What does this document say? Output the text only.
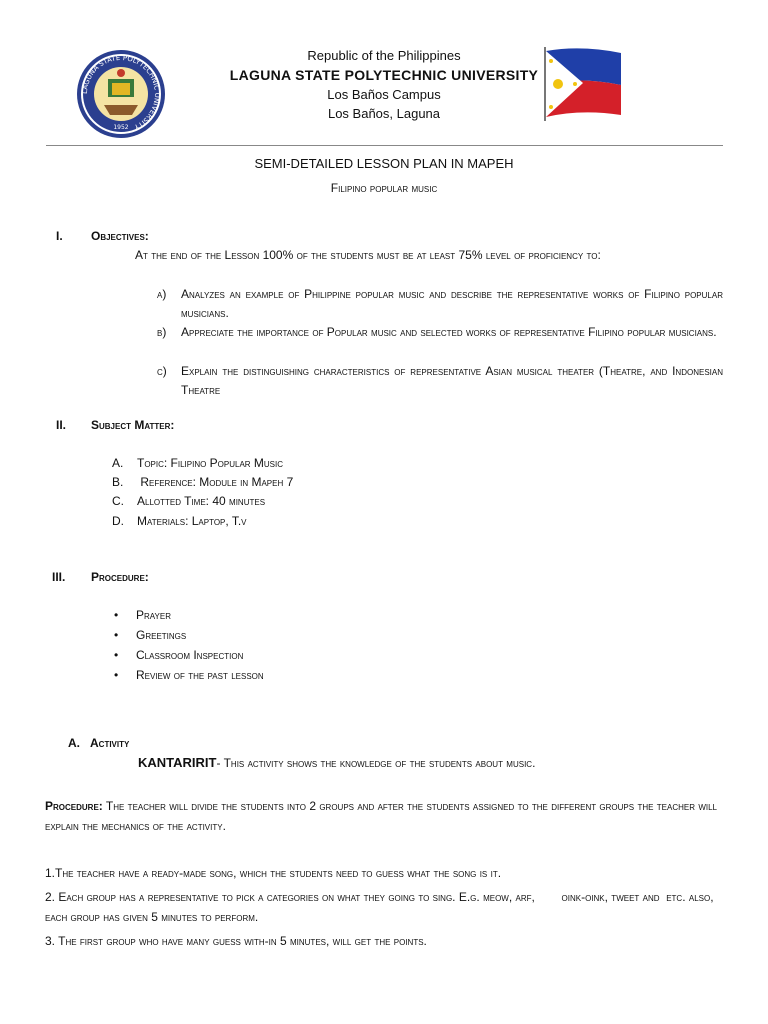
LAGUNA STATE POLYTECHNIC UNIVERSITY
1952
Republic of the Philippines
LAGUNA STATE POLYTECHNIC UNIVERSITY
Los Baños Campus
Los Baños, Laguna
SEMI-DETAILED LESSON PLAN IN MAPEH
Filipino popular music
I.	Objectives:
At the end of the Lesson 100% of the students must be at least 75% level of proficiency to:
a) Analyzes an example of Philippine popular music and describe the representative works of Filipino popular musicians.
b) Appreciate the importance of Popular music and selected works of representative Filipino popular musicians.
c) Explain the distinguishing characteristics of representative Asian musical theater (Theatre, and Indonesian Theatre
II.	Subject Matter:
A. Topic: Filipino Popular Music
B. Reference: Module in Mapeh 7
C. Allotted Time: 40 minutes
D. Materials: Laptop, T.v
III.	Procedure:
• Prayer
• Greetings
• Classroom Inspection
• Review of the past lesson
A. Activity
KANTARIRIT- This activity shows the knowledge of the students about music.
Procedure: The teacher will divide the students into 2 groups and after the students assigned to the different groups the teacher will explain the mechanics of the activity.
1.The teacher have a ready-made song, which the students need to guess what the song is it.
2. Each group has a representative to pick a categories on what they going to sing. E.g. meow, arf,        oink-oink, tweet and  etc. also, each group has given 5 minutes to perform.
3. The first group who have many guess with-in 5 minutes, will get the points.
